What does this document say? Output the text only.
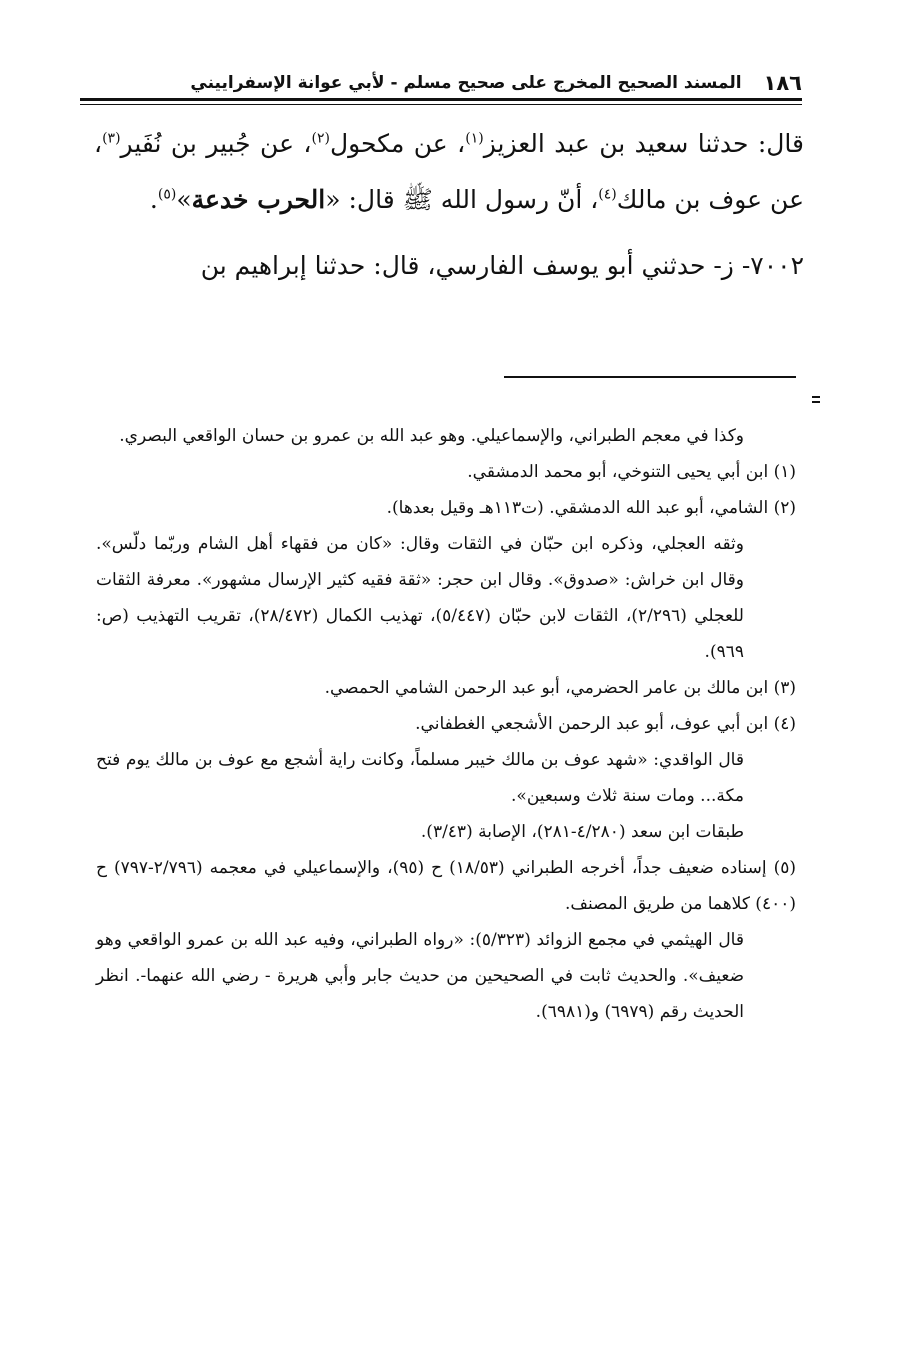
١٨٦
المسند الصحيح المخرج على صحيح مسلم - لأبي عوانة الإسفراييني

قال: حدثنا سعيد بن عبد العزيز$^{(١)}$، عن مكحول$^{(٢)}$، عن جُبير بن نُفَير$^{(٣)}$، عن عوف بن مالك$^{(٤)}$، أنّ رسول الله ﷺ قال: «الحرب خدعة»$^{(٥)}$.

٧٠٠٢- ز- حدثني أبو يوسف الفارسي، قال: حدثنا إبراهيم بن

وكذا في معجم الطبراني، والإسماعيلي. وهو عبد الله بن عمرو بن حسان الواقعي البصري.

(١) ابن أبي يحيى التنوخي، أبو محمد الدمشقي.

(٢) الشامي، أبو عبد الله الدمشقي. (ت١١٣هـ وقيل بعدها).

وثقه العجلي، وذكره ابن حبّان في الثقات وقال: «كان من فقهاء أهل الشام وربّما دلّس». وقال ابن خراش: «صدوق». وقال ابن حجر: «ثقة فقيه كثير الإرسال مشهور». معرفة الثقات للعجلي (٢/٢٩٦)، الثقات لابن حبّان (٥/٤٤٧)، تهذيب الكمال (٢٨/٤٧٢)، تقريب التهذيب (ص: ٩٦٩).

(٣) ابن مالك بن عامر الحضرمي، أبو عبد الرحمن الشامي الحمصي.

(٤) ابن أبي عوف، أبو عبد الرحمن الأشجعي الغطفاني.

قال الواقدي: «شهد عوف بن مالك خيبر مسلماً، وكانت راية أشجع مع عوف بن مالك يوم فتح مكة... ومات سنة ثلاث وسبعين».

طبقات ابن سعد (٤/٢٨٠-٢٨١)، الإصابة (٣/٤٣).

(٥) إسناده ضعيف جداً، أخرجه الطبراني (١٨/٥٣) ح (٩٥)، والإسماعيلي في معجمه (٢/٧٩٦-٧٩٧) ح (٤٠٠) كلاهما من طريق المصنف.

قال الهيثمي في مجمع الزوائد (٥/٣٢٣): «رواه الطبراني، وفيه عبد الله بن عمرو الواقعي وهو ضعيف». والحديث ثابت في الصحيحين من حديث جابر وأبي هريرة - رضي الله عنهما-. انظر الحديث رقم (٦٩٧٩) و(٦٩٨١).
